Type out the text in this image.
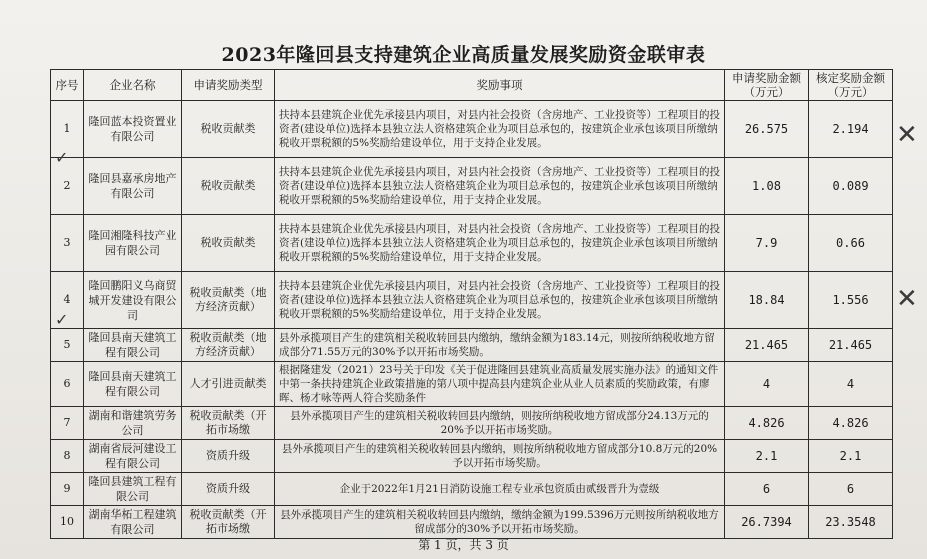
2023年隆回县支持建筑企业高质量发展奖励资金联审表
序号	企业名称	申请奖励类型	奖励事项	申请奖励金额（万元）	核定奖励金额（万元）
1	隆回蓝本投资置业有限公司	税收贡献类	扶持本县建筑企业优先承接县内项目，对县内社会投资（含房地产、工业投资等）工程项目的投资者(建设单位)选择本县独立法人资格建筑企业为项目总承包的，按建筑企业承包该项目所缴纳税收开票税额的5%奖励给建设单位，用于支持企业发展。	26.575	2.194
2	隆回县嘉承房地产有限公司	税收贡献类	扶持本县建筑企业优先承接县内项目，对县内社会投资（含房地产、工业投资等）工程项目的投资者(建设单位)选择本县独立法人资格建筑企业为项目总承包的，按建筑企业承包该项目所缴纳税收开票税额的5%奖励给建设单位，用于支持企业发展。	1.08	0.089
3	隆回湘隆科技产业园有限公司	税收贡献类	扶持本县建筑企业优先承接县内项目，对县内社会投资（含房地产、工业投资等）工程项目的投资者(建设单位)选择本县独立法人资格建筑企业为项目总承包的，按建筑企业承包该项目所缴纳税收开票税额的5%奖励给建设单位，用于支持企业发展。	7.9	0.66
4	隆回鹏阳义乌商贸城开发建设有限公司	税收贡献类（地方经济贡献）	扶持本县建筑企业优先承接县内项目，对县内社会投资（含房地产、工业投资等）工程项目的投资者(建设单位)选择本县独立法人资格建筑企业为项目总承包的，按建筑企业承包该项目所缴纳税收开票税额的5%奖励给建设单位，用于支持企业发展。	18.84	1.556
5	隆回县南天建筑工程有限公司	税收贡献类（地方经济贡献）	县外承揽项目产生的建筑相关税收转回县内缴纳，缴纳金额为183.14元，则按所纳税收地方留成部分71.55万元的30%予以开拓市场奖励。	21.465	21.465
6	隆回县南天建筑工程有限公司	人才引进贡献类	根据隆建发（2021）23号关于印发《关于促进隆回县建筑业高质量发展实施办法》的通知文件中第一条扶持建筑企业政策措施的第八项中提高县内建筑企业从业人员素质的奖励政策，有廖晖、杨才咏等两人符合奖励条件	4	4
7	湖南和谐建筑劳务公司	税收贡献类（开拓市场缴	县外承揽项目产生的建筑相关税收转回县内缴纳，则按所纳税收地方留成部分24.13万元的20%予以开拓市场奖励。	4.826	4.826
8	湖南省辰河建设工程有限公司	资质升级	县外承揽项目产生的建筑相关税收转回县内缴纳，则按所纳税收地方留成部分10.8万元的20%予以开拓市场奖励。	2.1	2.1
9	隆回县建筑工程有限公司	资质升级	企业于2022年1月21日消防设施工程专业承包资质由贰级晋升为壹级	6	6
10	湖南华柘工程建筑有限公司	税收贡献类（开拓市场缴	县外承揽项目产生的建筑相关税收转回县内缴纳，缴纳金额为199.5396万元则按所纳税收地方留成部分的30%予以开拓市场奖励。	26.7394	23.3548
✓
✓
✕
✕
第 1 页，共 3 页
